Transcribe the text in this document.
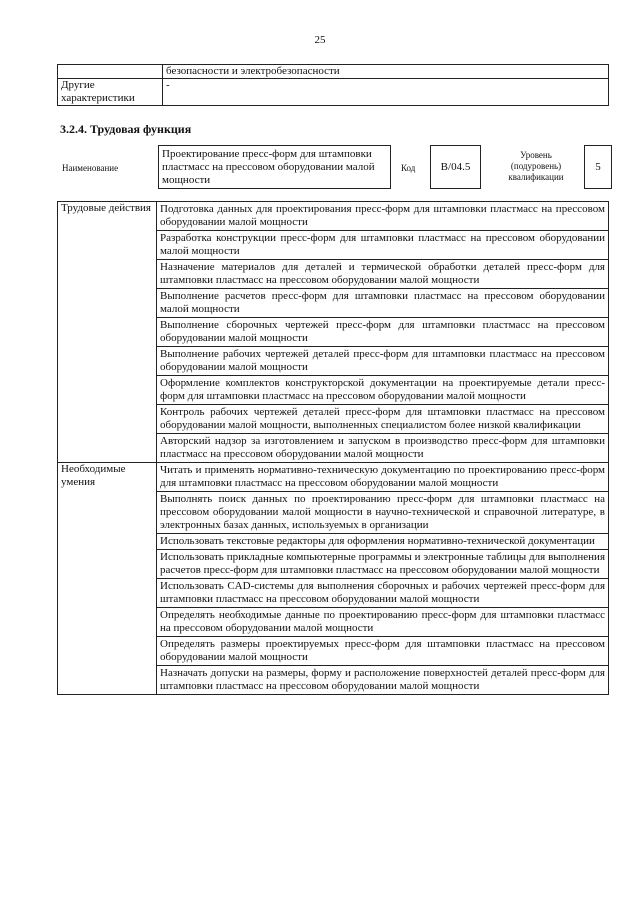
25
	безопасности и электробезопасности
Другие характеристики	-
3.2.4. Трудовая функция
Наименование
Проектирование пресс-форм для штамповки пластмасс на прессовом оборудовании малой мощности
Код	В/04.5
Уровень (подуровень) квалификации
5
Трудовые действия	Подготовка данных для проектирования пресс-форм для штамповки пластмасс на прессовом оборудовании малой мощности
	Разработка конструкции пресс-форм для штамповки пластмасс на прессовом оборудовании малой мощности
	Назначение материалов для деталей и термической обработки деталей пресс-форм для штамповки пластмасс на прессовом оборудовании малой мощности
	Выполнение расчетов пресс-форм для штамповки пластмасс на прессовом оборудовании малой мощности
	Выполнение сборочных чертежей пресс-форм для штамповки пластмасс на прессовом оборудовании малой мощности
	Выполнение рабочих чертежей деталей пресс-форм для штамповки пластмасс на прессовом оборудовании малой мощности
	Оформление комплектов конструкторской документации на проектируемые детали пресс-форм для штамповки пластмасс на прессовом оборудовании малой мощности
	Контроль рабочих чертежей деталей пресс-форм для штамповки пластмасс на прессовом оборудовании малой мощности, выполненных специалистом более низкой квалификации
	Авторский надзор за изготовлением и запуском в производство пресс-форм для штамповки пластмасс на прессовом оборудовании малой мощности
Необходимые умения	Читать и применять нормативно-техническую документацию по проектированию пресс-форм для штамповки пластмасс на прессовом оборудовании малой мощности
	Выполнять поиск данных по проектированию пресс-форм для штамповки пластмасс на прессовом оборудовании малой мощности в научно-технической и справочной литературе, в электронных базах данных, используемых в организации
	Использовать текстовые редакторы для оформления нормативно-технической документации
	Использовать прикладные компьютерные программы и электронные таблицы для выполнения расчетов пресс-форм для штамповки пластмасс на прессовом оборудовании малой мощности
	Использовать CAD-системы для выполнения сборочных и рабочих чертежей пресс-форм для штамповки пластмасс на прессовом оборудовании малой мощности
	Определять необходимые данные по проектированию пресс-форм для штамповки пластмасс на прессовом оборудовании малой мощности
	Определять размеры проектируемых пресс-форм для штамповки пластмасс на прессовом оборудовании малой мощности
	Назначать допуски на размеры, форму и расположение поверхностей деталей пресс-форм для штамповки пластмасс на прессовом оборудовании малой мощности
